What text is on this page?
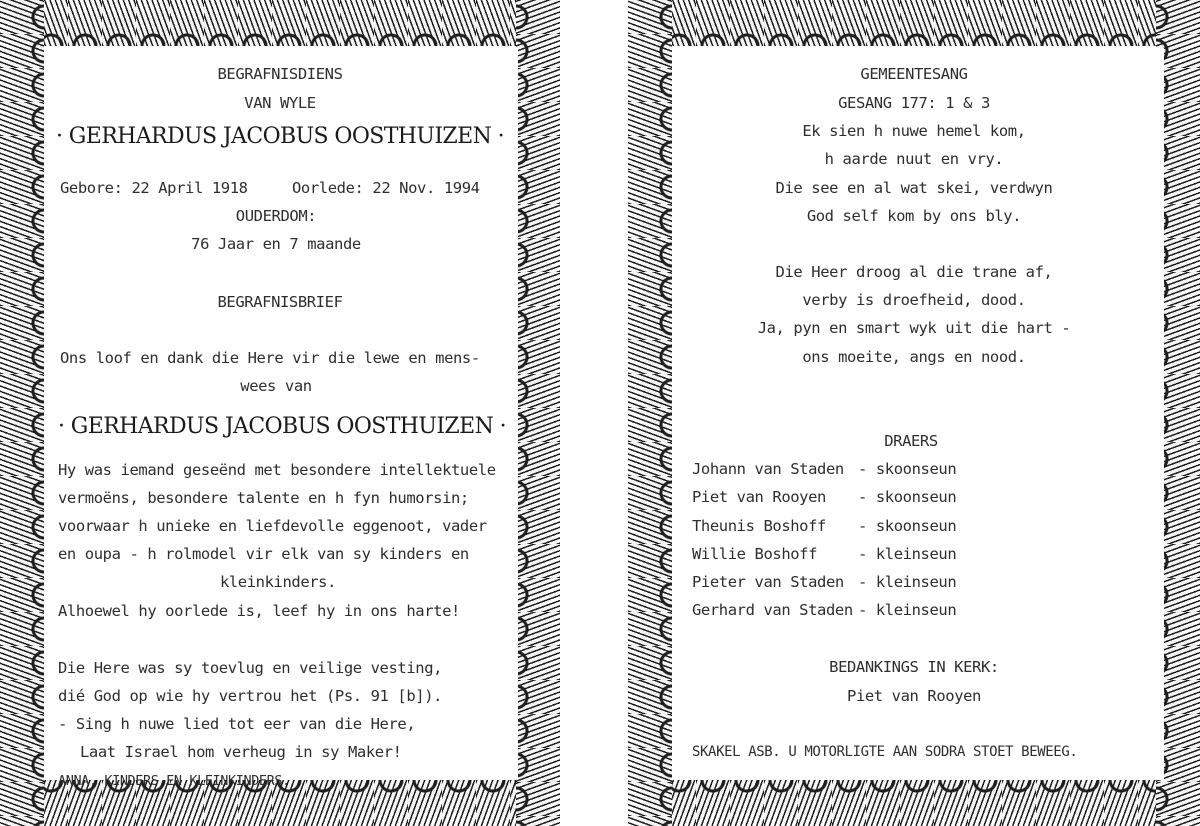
BEGRAFNISDIENS
VAN WYLE
· GERHARDUS JACOBUS OOSTHUIZEN ·
Gebore: 22 April 1918	Oorlede: 22 Nov. 1994
OUDERDOM:
76 Jaar en 7 maande
BEGRAFNISBRIEF
Ons loof en dank die Here vir die lewe en mens-
wees van
· GERHARDUS JACOBUS OOSTHUIZEN ·
Hy was iemand geseënd met besondere intellektuele
vermoëns, besondere talente en h fyn humorsin;
voorwaar h unieke en liefdevolle eggenoot, vader
en oupa - h rolmodel vir elk van sy kinders en
kleinkinders.
Alhoewel hy oorlede is, leef hy in ons harte!
Die Here was sy toevlug en veilige vesting,
dié God op wie hy vertrou het (Ps. 91 [b]).
- Sing h nuwe lied tot eer van die Here,
Laat Israel hom verheug in sy Maker!
ANNA, KINDERS EN KLEINKINDERS.
GEMEENTESANG
GESANG 177: 1 & 3
Ek sien h nuwe hemel kom,
h aarde nuut en vry.
Die see en al wat skei, verdwyn
God self kom by ons bly.
Die Heer droog al die trane af,
verby is droefheid, dood.
Ja, pyn en smart wyk uit die hart -
ons moeite, angs en nood.
DRAERS
Johann van Staden - skoonseun
Piet van Rooyen - skoonseun
Theunis Boshoff - skoonseun
Willie Boshoff	- kleinseun
Pieter van Staden - kleinseun
Gerhard van Staden - kleinseun
BEDANKINGS IN KERK:
Piet van Rooyen
SKAKEL ASB. U MOTORLIGTE AAN SODRA STOET BEWEEG.
